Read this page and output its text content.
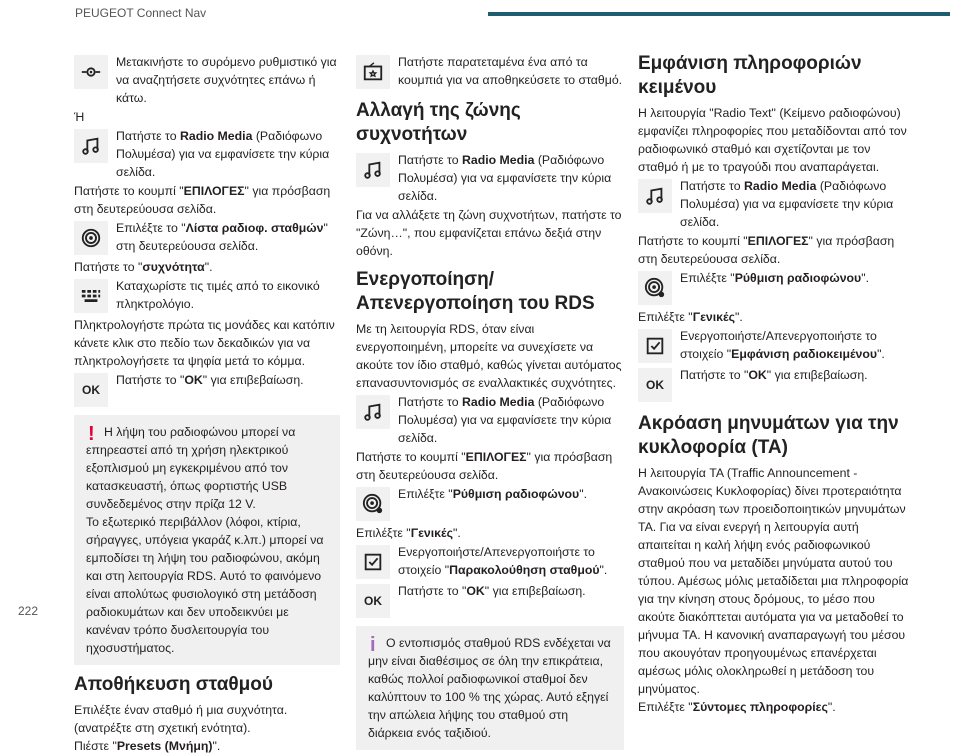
PEUGEOT Connect Nav
222
Μετακινήστε το συρόμενο ρυθμιστικό για να αναζητήσετε συχνότητες επάνω ή κάτω.

Ή

Πατήστε το Radio Media (Ραδιόφωνο Πολυμέσα) για να εμφανίσετε την κύρια σελίδα.

Πατήστε το κουμπί "ΕΠΙΛΟΓΕΣ" για πρόσβαση στη δευτερεύουσα σελίδα.

Επιλέξτε το "Λίστα ραδιοφ. σταθμών" στη δευτερεύουσα σελίδα.

Πατήστε το "συχνότητα".

Καταχωρίστε τις τιμές από το εικονικό πληκτρολόγιο.

Πληκτρολογήστε πρώτα τις μονάδες και κατόπιν κάνετε κλικ στο πεδίο των δεκαδικών για να πληκτρολογήσετε τα ψηφία μετά το κόμμα.

OK
Πατήστε το "OK" για επιβεβαίωση.
! Η λήψη του ραδιοφώνου μπορεί να επηρεαστεί από τη χρήση ηλεκτρικού εξοπλισμού μη εγκεκριμένου από τον κατασκευαστή, όπως φορτιστής USB συνδεδεμένος στην πρίζα 12 V.

Το εξωτερικό περιβάλλον (λόφοι, κτίρια, σήραγγες, υπόγεια γκαράζ κ.λπ.) μπορεί να εμποδίσει τη λήψη του ραδιοφώνου, ακόμη και στη λειτουργία RDS. Αυτό το φαινόμενο είναι απολύτως φυσιολογικό στη μετάδοση ραδιοκυμάτων και δεν υποδεικνύει με κανέναν τρόπο δυσλειτουργία του ηχοσυστήματος.

Αποθήκευση σταθμού

Επιλέξτε έναν σταθμό ή μια συχνότητα.

(ανατρέξτε στη σχετική ενότητα).

Πιέστε "Presets (Μνήμη)".

Πατήστε παρατεταμένα ένα από τα κουμπιά για να αποθηκεύσετε το σταθμό.
Αλλαγή της ζώνης συχνοτήτων
Πατήστε το Radio Media (Ραδιόφωνο Πολυμέσα) για να εμφανίσετε την κύρια σελίδα.

Για να αλλάξετε τη ζώνη συχνοτήτων, πατήστε το "Ζώνη…", που εμφανίζεται επάνω δεξιά στην οθόνη.

Ενεργοποίηση/ Απενεργοποίηση του RDS

Με τη λειτουργία RDS, όταν είναι ενεργοποιημένη, μπορείτε να συνεχίσετε να ακούτε τον ίδιο σταθμό, καθώς γίνεται αυτόματος επανασυντονισμός σε εναλλακτικές συχνότητες.

Πατήστε το Radio Media (Ραδιόφωνο Πολυμέσα) για να εμφανίσετε την κύρια σελίδα.

Πατήστε το κουμπί "ΕΠΙΛΟΓΕΣ" για πρόσβαση στη δευτερεύουσα σελίδα.

Επιλέξτε "Ρύθμιση ραδιοφώνου".

Επιλέξτε "Γενικές".

Ενεργοποιήστε/Απενεργοποιήστε το στοιχείο "Παρακολούθηση σταθμού".
OK
Πατήστε το "OK" για επιβεβαίωση.
i Ο εντοπισμός σταθμού RDS ενδέχεται να μην είναι διαθέσιμος σε όλη την επικράτεια, καθώς πολλοί ραδιοφωνικοί σταθμοί δεν καλύπτουν το 100 % της χώρας. Αυτό εξηγεί την απώλεια λήψης του σταθμού στη διάρκεια ενός ταξιδιού.

Εμφάνιση πληροφοριών κειμένου

Η λειτουργία "Radio Text" (Κείμενο ραδιοφώνου) εμφανίζει πληροφορίες που μεταδίδονται από τον ραδιοφωνικό σταθμό και σχετίζονται με τον σταθμό ή με το τραγούδι που αναπαράγεται.

Πατήστε το Radio Media (Ραδιόφωνο Πολυμέσα) για να εμφανίσετε την κύρια σελίδα.

Πατήστε το κουμπί "ΕΠΙΛΟΓΕΣ" για πρόσβαση στη δευτερεύουσα σελίδα.

Επιλέξτε "Ρύθμιση ραδιοφώνου".

Επιλέξτε "Γενικές".

Ενεργοποιήστε/Απενεργοποιήστε το στοιχείο "Εμφάνιση ραδιοκειμένου".
OK
Πατήστε το "OK" για επιβεβαίωση.
Ακρόαση μηνυμάτων για την κυκλοφορία (TA)

Η λειτουργία TA (Traffic Announcement - Ανακοινώσεις Κυκλοφορίας) δίνει προτεραιότητα στην ακρόαση των προειδοποιητικών μηνυμάτων TA. Για να είναι ενεργή η λειτουργία αυτή απαιτείται η καλή λήψη ενός ραδιοφωνικού σταθμού που να μεταδίδει μηνύματα αυτού του τύπου. Αμέσως μόλις μεταδίδεται μια πληροφορία για την κίνηση στους δρόμους, το μέσο που ακούτε διακόπτεται αυτόματα για να μεταδοθεί το μήνυμα TA. Η κανονική αναπαραγωγή του μέσου που ακουγόταν προηγουμένως επανέρχεται αμέσως μόλις ολοκληρωθεί η μετάδοση του μηνύματος.

Επιλέξτε "Σύντομες πληροφορίες".
